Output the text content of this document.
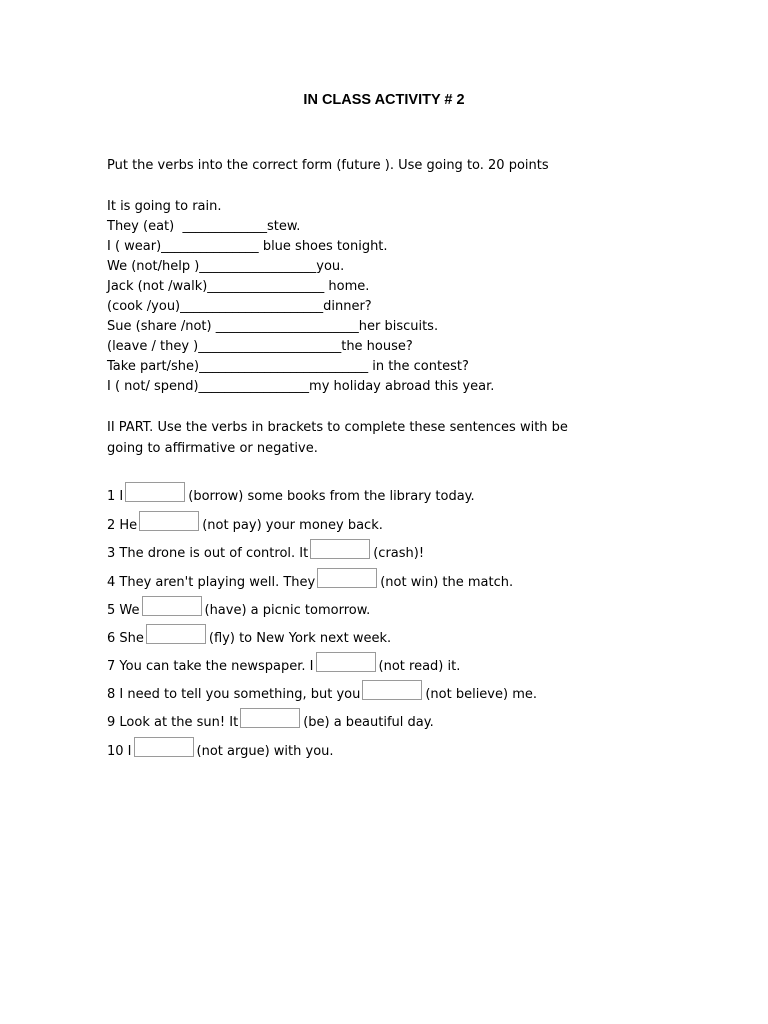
IN CLASS ACTIVITY # 2
Put the verbs into the correct form (future ). Use going to. 20 points
It is going to rain.
They (eat)  _____________stew.
I ( wear)_______________ blue shoes tonight.
We (not/help )__________________you.
Jack (not /walk)__________________ home.
(cook /you)______________________dinner?
Sue (share /not) ______________________her biscuits.
(leave / they )______________________the house?
Take part/she)__________________________ in the contest?
I ( not/ spend)_________________my holiday abroad this year.
II PART. Use the verbs in brackets to complete these sentences with be going to affirmative or negative.
1 I	(borrow) some books from the library today.
2 He	(not pay) your money back.
3 The drone is out of control. It	(crash)!
4 They aren't playing well. They	(not win) the match.
5 We	(have) a picnic tomorrow.
6 She	(fly) to New York next week.
7 You can take the newspaper. I	(not read) it.
8 I need to tell you something, but you	(not believe) me.
9 Look at the sun! It	(be) a beautiful day.
10 I	(not argue) with you.
